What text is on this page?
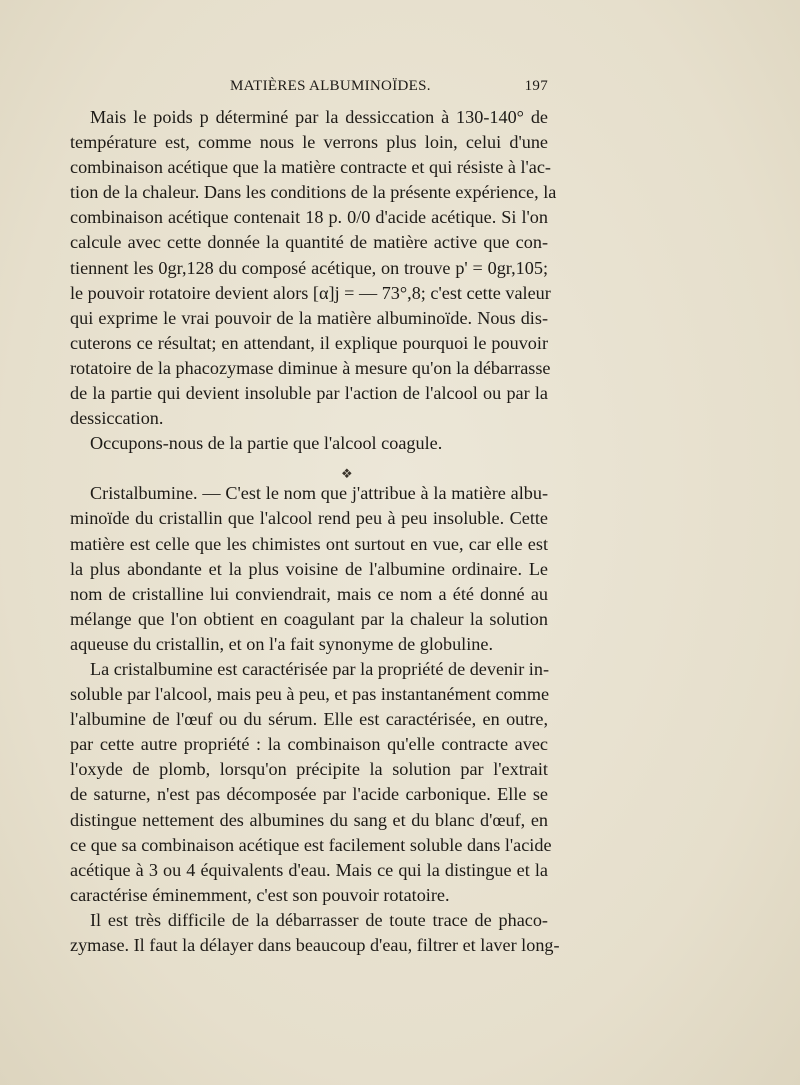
MATIÈRES ALBUMINOÏDES.	197
Mais le poids p déterminé par la dessiccation à 130-140° de
température est, comme nous le verrons plus loin, celui d'une
combinaison acétique que la matière contracte et qui résiste à l'ac-
tion de la chaleur. Dans les conditions de la présente expérience, la
combinaison acétique contenait 18 p. 0/0 d'acide acétique. Si l'on
calcule avec cette donnée la quantité de matière active que con-
tiennent les 0gr,128 du composé acétique, on trouve p' = 0gr,105;
le pouvoir rotatoire devient alors [α]j = — 73°,8; c'est cette valeur
qui exprime le vrai pouvoir de la matière albuminoïde. Nous dis-
cuterons ce résultat; en attendant, il explique pourquoi le pouvoir
rotatoire de la phacozymase diminue à mesure qu'on la débarrasse
de la partie qui devient insoluble par l'action de l'alcool ou par la
dessiccation.
Occupons-nous de la partie que l'alcool coagule.
❖
Cristalbumine. — C'est le nom que j'attribue à la matière albu-
minoïde du cristallin que l'alcool rend peu à peu insoluble. Cette
matière est celle que les chimistes ont surtout en vue, car elle est
la plus abondante et la plus voisine de l'albumine ordinaire. Le
nom de cristalline lui conviendrait, mais ce nom a été donné au
mélange que l'on obtient en coagulant par la chaleur la solution
aqueuse du cristallin, et on l'a fait synonyme de globuline.
La cristalbumine est caractérisée par la propriété de devenir in-
soluble par l'alcool, mais peu à peu, et pas instantanément comme
l'albumine de l'œuf ou du sérum. Elle est caractérisée, en outre,
par cette autre propriété : la combinaison qu'elle contracte avec
l'oxyde de plomb, lorsqu'on précipite la solution par l'extrait
de saturne, n'est pas décomposée par l'acide carbonique. Elle se
distingue nettement des albumines du sang et du blanc d'œuf, en
ce que sa combinaison acétique est facilement soluble dans l'acide
acétique à 3 ou 4 équivalents d'eau. Mais ce qui la distingue et la
caractérise éminemment, c'est son pouvoir rotatoire.
Il est très difficile de la débarrasser de toute trace de phaco-
zymase. Il faut la délayer dans beaucoup d'eau, filtrer et laver long-
